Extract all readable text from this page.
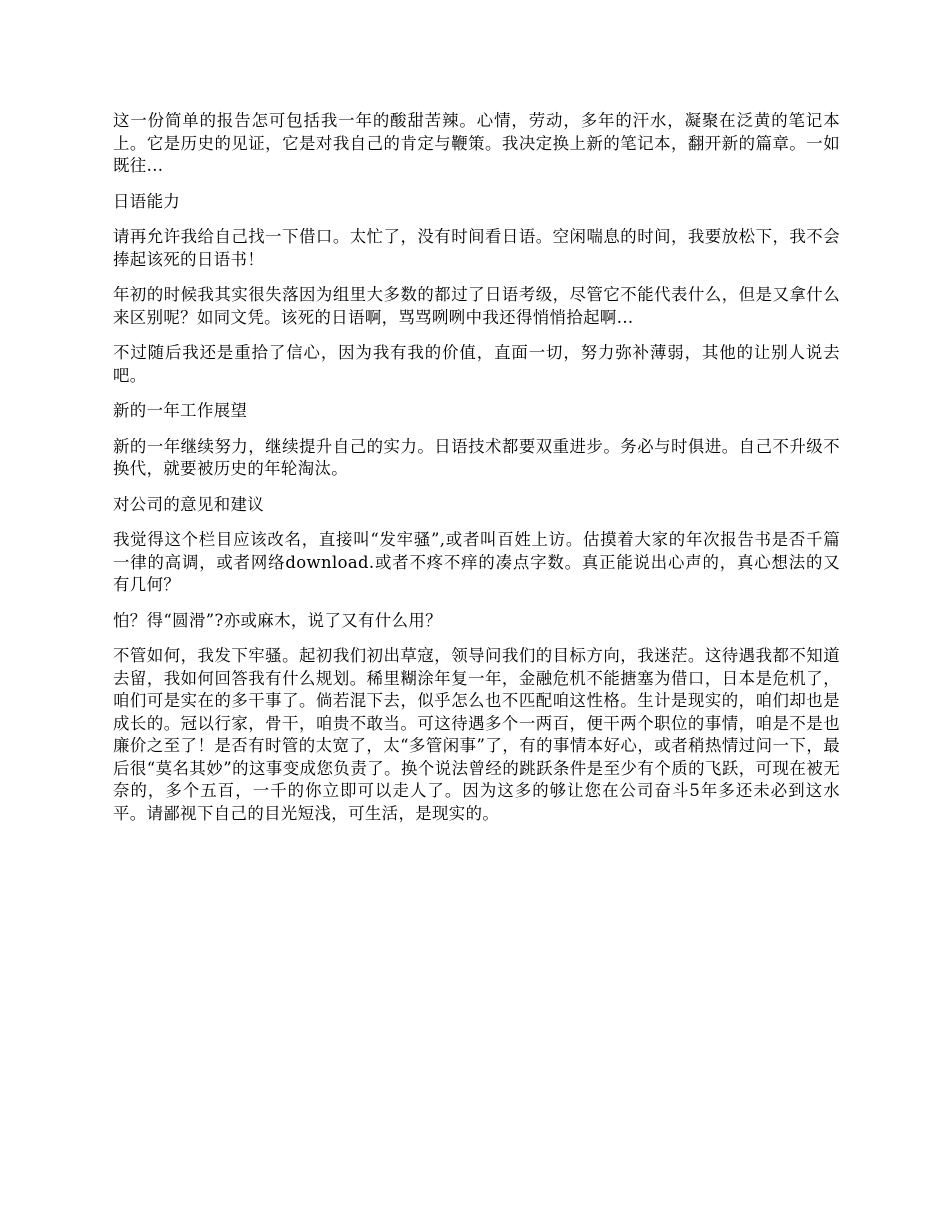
这一份简单的报告怎可包括我一年的酸甜苦辣。心情，劳动，多年的汗水，凝聚在泛黄的笔记本上。它是历史的见证，它是对我自己的肯定与鞭策。我决定换上新的笔记本，翻开新的篇章。一如既往...

日语能力

请再允许我给自己找一下借口。太忙了，没有时间看日语。空闲喘息的时间，我要放松下，我不会捧起该死的日语书！

年初的时候我其实很失落因为组里大多数的都过了日语考级，尽管它不能代表什么，但是又拿什么来区别呢？如同文凭。该死的日语啊，骂骂咧咧中我还得悄悄拾起啊...

不过随后我还是重拾了信心，因为我有我的价值，直面一切，努力弥补薄弱，其他的让别人说去吧。

新的一年工作展望

新的一年继续努力，继续提升自己的实力。日语技术都要双重进步。务必与时俱进。自己不升级不换代，就要被历史的年轮淘汰。

对公司的意见和建议

我觉得这个栏目应该改名，直接叫“发牢骚”,或者叫百姓上访。估摸着大家的年次报告书是否千篇一律的高调，或者网络download.或者不疼不痒的凑点字数。真正能说出心声的，真心想法的又有几何？

怕？得“圆滑”?亦或麻木，说了又有什么用？

不管如何，我发下牢骚。起初我们初出草寇，领导问我们的目标方向，我迷茫。这待遇我都不知道去留，我如何回答我有什么规划。稀里糊涂年复一年，金融危机不能搪塞为借口，日本是危机了，咱们可是实在的多干事了。倘若混下去，似乎怎么也不匹配咱这性格。生计是现实的，咱们却也是成长的。冠以行家，骨干，咱贵不敢当。可这待遇多个一两百，便干两个职位的事情，咱是不是也廉价之至了！是否有时管的太宽了，太“多管闲事”了，有的事情本好心，或者稍热情过问一下，最后很“莫名其妙”的这事变成您负责了。换个说法曾经的跳跃条件是至少有个质的飞跃，可现在被无奈的，多个五百，一千的你立即可以走人了。因为这多的够让您在公司奋斗5年多还未必到这水平。请鄙视下自己的目光短浅，可生活，是现实的。
